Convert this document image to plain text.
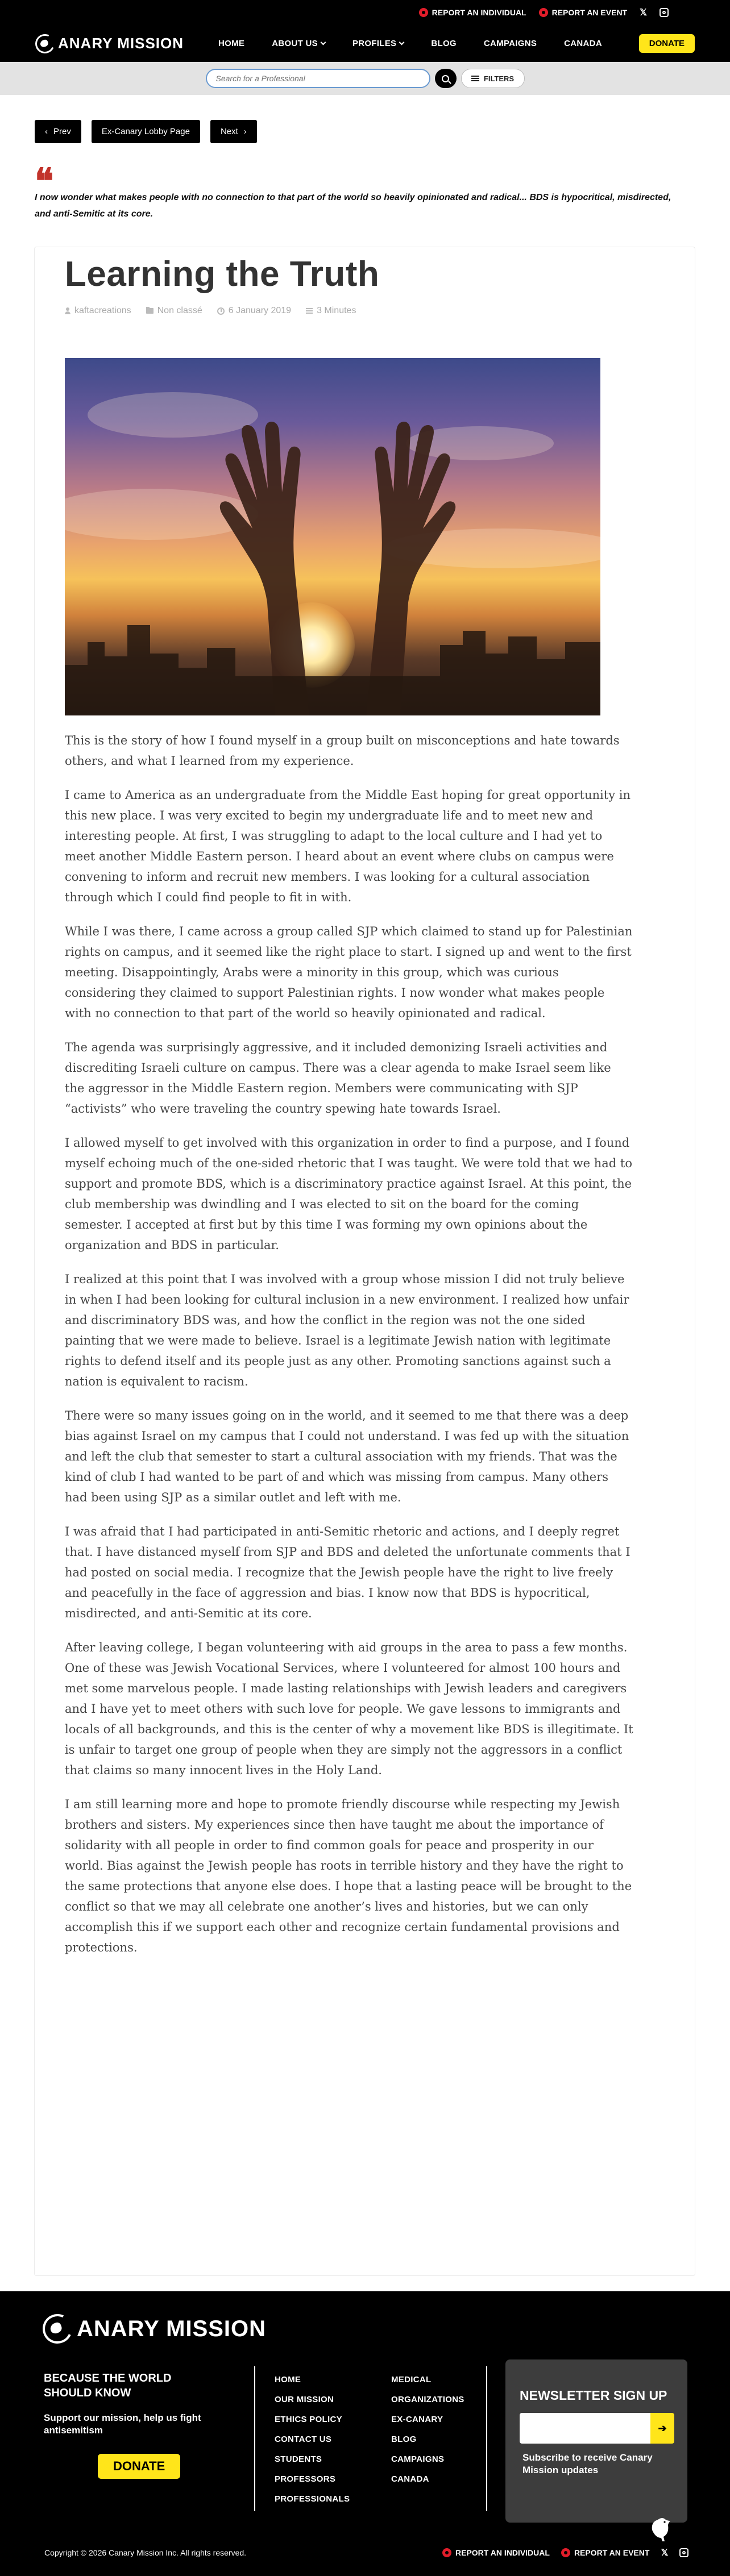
REPORT AN INDIVIDUAL	REPORT AN EVENT 𝕏
ANARY MISSION	HOME	ABOUT US	PROFILES	BLOG	CAMPAIGNS	CANADA	DONATE
Search for a Professional
FILTERS
‹ Prev	Ex-Canary Lobby Page	Next ›
❝
I now wonder what makes people with no connection to that part of the world so heavily opinionated and radical... BDS is hypocritical, misdirected, and anti-Semitic at its core.
Learning the Truth
kaftacreations	Non classé	6 January 2019	3 Minutes

This is the story of how I found myself in a group built on misconceptions and hate towards others, and what I learned from my experience.

I came to America as an undergraduate from the Middle East hoping for great opportunity in this new place. I was very excited to begin my undergraduate life and to meet new and interesting people. At first, I was struggling to adapt to the local culture and I had yet to meet another Middle Eastern person. I heard about an event where clubs on campus were convening to inform and recruit new members. I was looking for a cultural association through which I could find people to fit in with.

While I was there, I came across a group called SJP which claimed to stand up for Palestinian rights on campus, and it seemed like the right place to start. I signed up and went to the first meeting. Disappointingly, Arabs were a minority in this group, which was curious considering they claimed to support Palestinian rights. I now wonder what makes people with no connection to that part of the world so heavily opinionated and radical.

The agenda was surprisingly aggressive, and it included demonizing Israeli activities and discrediting Israeli culture on campus. There was a clear agenda to make Israel seem like the aggressor in the Middle Eastern region. Members were communicating with SJP “activists” who were traveling the country spewing hate towards Israel.

I allowed myself to get involved with this organization in order to find a purpose, and I found myself echoing much of the one-sided rhetoric that I was taught. We were told that we had to support and promote BDS, which is a discriminatory practice against Israel. At this point, the club membership was dwindling and I was elected to sit on the board for the coming semester. I accepted at first but by this time I was forming my own opinions about the organization and BDS in particular.

I realized at this point that I was involved with a group whose mission I did not truly believe in when I had been looking for cultural inclusion in a new environment. I realized how unfair and discriminatory BDS was, and how the conflict in the region was not the one sided painting that we were made to believe. Israel is a legitimate Jewish nation with legitimate rights to defend itself and its people just as any other. Promoting sanctions against such a nation is equivalent to racism.

There were so many issues going on in the world, and it seemed to me that there was a deep bias against Israel on my campus that I could not understand. I was fed up with the situation and left the club that semester to start a cultural association with my friends. That was the kind of club I had wanted to be part of and which was missing from campus. Many others had been using SJP as a similar outlet and left with me.

I was afraid that I had participated in anti-Semitic rhetoric and actions, and I deeply regret that. I have distanced myself from SJP and BDS and deleted the unfortunate comments that I had posted on social media. I recognize that the Jewish people have the right to live freely and peacefully in the face of aggression and bias. I know now that BDS is hypocritical, misdirected, and anti-Semitic at its core.

After leaving college, I began volunteering with aid groups in the area to pass a few months. One of these was Jewish Vocational Services, where I volunteered for almost 100 hours and met some marvelous people. I made lasting relationships with Jewish leaders and caregivers and I have yet to meet others with such love for people. We gave lessons to immigrants and locals of all backgrounds, and this is the center of why a movement like BDS is illegitimate. It is unfair to target one group of people when they are simply not the aggressors in a conflict that claims so many innocent lives in the Holy Land.

I am still learning more and hope to promote friendly discourse while respecting my Jewish brothers and sisters. My experiences since then have taught me about the importance of solidarity with all people in order to find common goals for peace and prosperity in our world. Bias against the Jewish people has roots in terrible history and they have the right to the same protections that anyone else does. I hope that a lasting peace will be brought to the conflict so that we may all celebrate one another’s lives and histories, but we can only accomplish this if we support each other and recognize certain fundamental provisions and protections.

ANARY MISSION
BECAUSE THE WORLD SHOULD KNOW
Support our mission, help us fight antisemitism
DONATE
HOME
OUR MISSION
ETHICS POLICY
CONTACT US
STUDENTS
PROFESSORS
PROFESSIONALS
MEDICAL
ORGANIZATIONS
EX-CANARY
BLOG
CAMPAIGNS
CANADA
NEWSLETTER SIGN UP
➔
Subscribe to receive Canary Mission updates
Copyright © 2026 Canary Mission Inc. All rights reserved.	REPORT AN INDIVIDUAL	REPORT AN EVENT 𝕏
